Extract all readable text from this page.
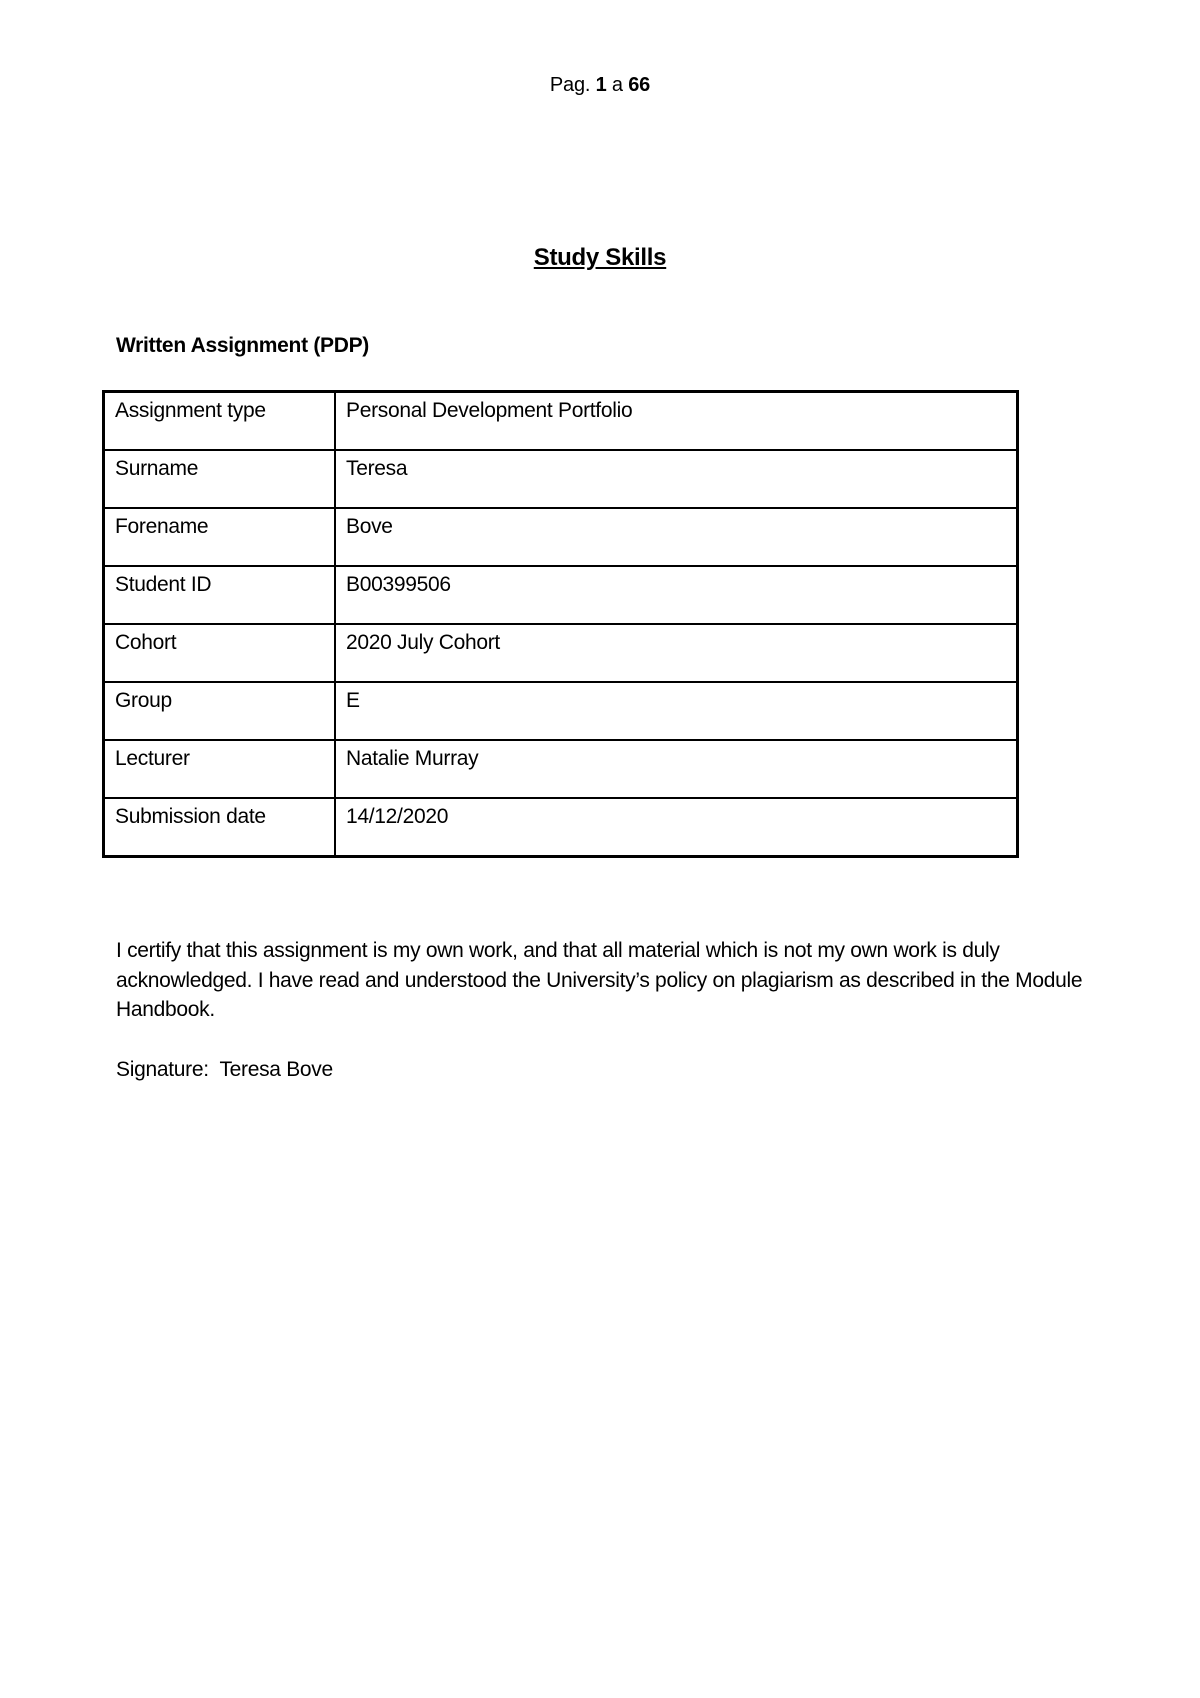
Pag. 1 a 66
Study Skills
Written Assignment (PDP)
Assignment type	Personal Development Portfolio

Surname	Teresa

Forename	Bove

Student ID	B00399506

Cohort	2020 July Cohort

Group	E

Lecturer	Natalie Murray

Submission date	14/12/2020
I certify that this assignment is my own work, and that all material which is not my own work is duly acknowledged. I have read and understood the University’s policy on plagiarism as described in the Module Handbook.
Signature: Teresa Bove
